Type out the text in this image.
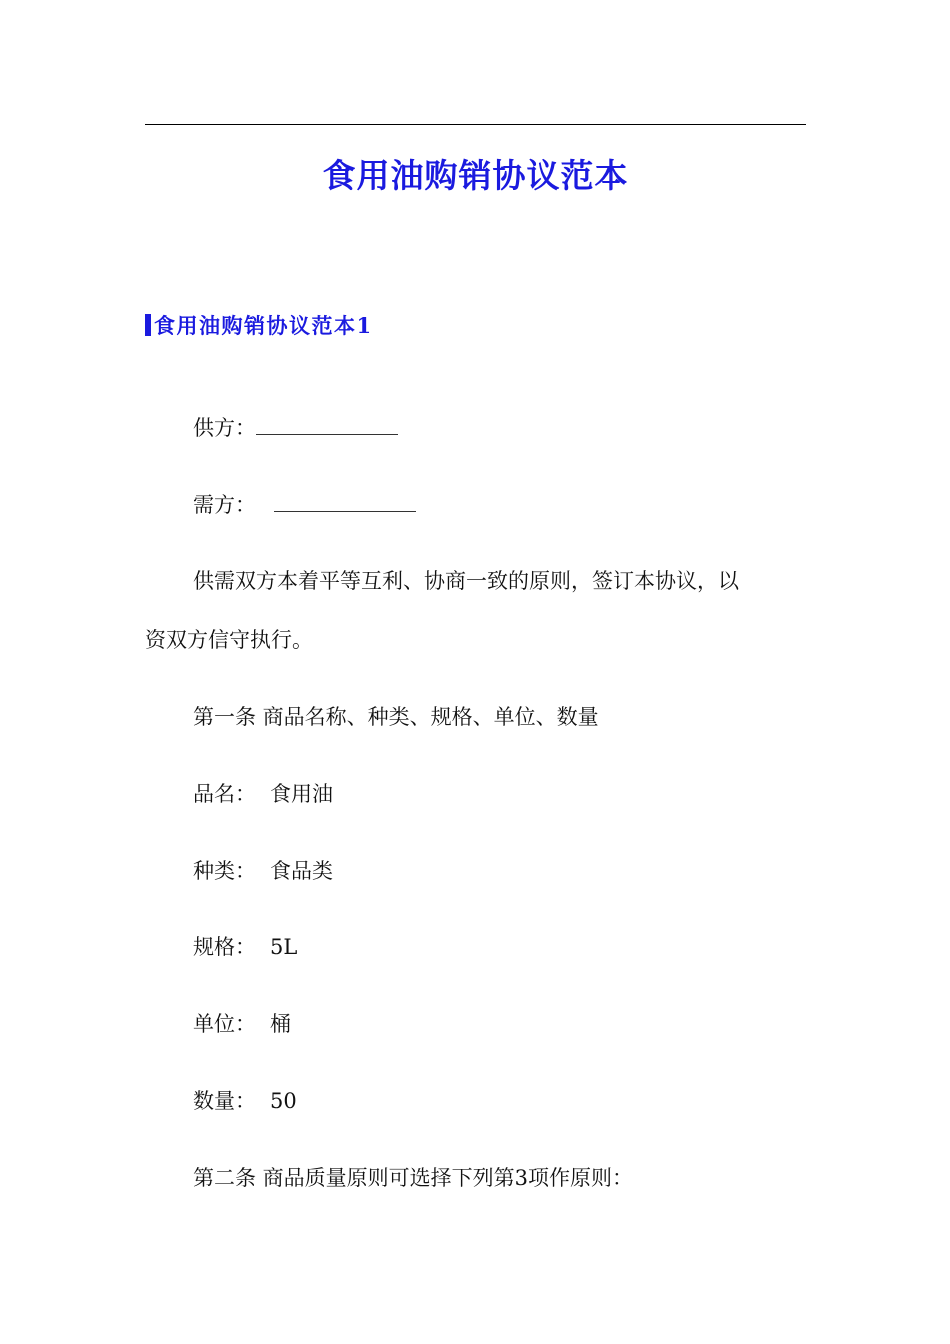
食用油购销协议范本
食用油购销协议范本1

供方：

需方：

供需双方本着平等互利、协商一致的原则，签订本协议，以

资双方信守执行。

第一条 商品名称、种类、规格、单位、数量

品名： 食用油

种类： 食品类

规格： 5L

单位： 桶

数量： 50

第二条 商品质量原则可选择下列第3项作原则：
